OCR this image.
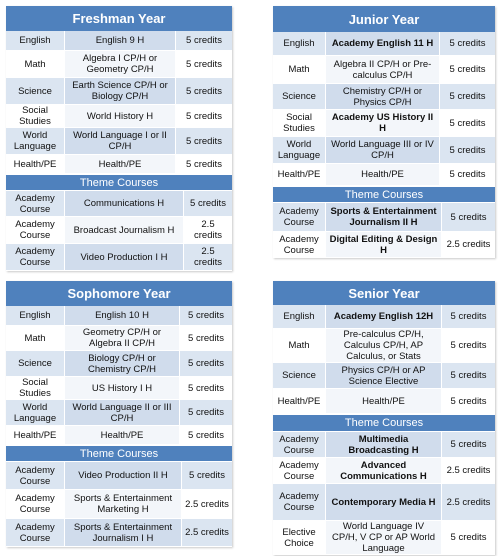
Freshman Year
English	English 9 H	5 credits
Math	Algebra I CP/H or Geometry CP/H	5 credits
Science	Earth Science CP/H or Biology CP/H	5 credits
Social Studies	World History H	5 credits
World Language	World Language I or II CP/H	5 credits
Health/PE	Health/PE	5 credits
Theme Courses
Academy Course	Communications H	5 credits
Academy Course	Broadcast Journalism H	2.5 credits
Academy Course	Video Production I H	2.5 credits
Junior Year
English	Academy English 11 H	5 credits
Math	Algebra II CP/H or Pre-calculus CP/H	5 credits
Science	Chemistry CP/H or Physics CP/H	5 credits
Social Studies	Academy US History II H	5 credits
World Language	World Language III or IV CP/H	5 credits
Health/PE	Health/PE	5 credits
Theme Courses
Academy Course	Sports & Entertainment Journalism II H	5 credits
Academy Course	Digital Editing & Design H	2.5 credits
Sophomore Year
English	English 10 H	5 credits
Math	Geometry CP/H or Algebra II CP/H	5 credits
Science	Biology CP/H or Chemistry CP/H	5 credits
Social Studies	US History I H	5 credits
World Language	World Language II or III CP/H	5 credits
Health/PE	Health/PE	5 credits
Theme Courses
Academy Course	Video Production II H	5 credits
Academy Course	Sports & Entertainment Marketing H	2.5 credits
Academy Course	Sports & Entertainment Journalism I H	2.5 credits
Senior Year
English	Academy English 12H	5 credits
Math	Pre-calculus CP/H, Calculus CP/H, AP Calculus, or Stats	5 credits
Science	Physics CP/H or AP Science Elective	5 credits
Health/PE	Health/PE	5 credits
Theme Courses
Academy Course	Multimedia Broadcasting H	5 credits
Academy Course	Advanced Communications H	2.5 credits
Academy Course	Contemporary Media H	2.5 credits
Elective Choice	World Language IV CP/H, V CP or AP World Language	5 credits
